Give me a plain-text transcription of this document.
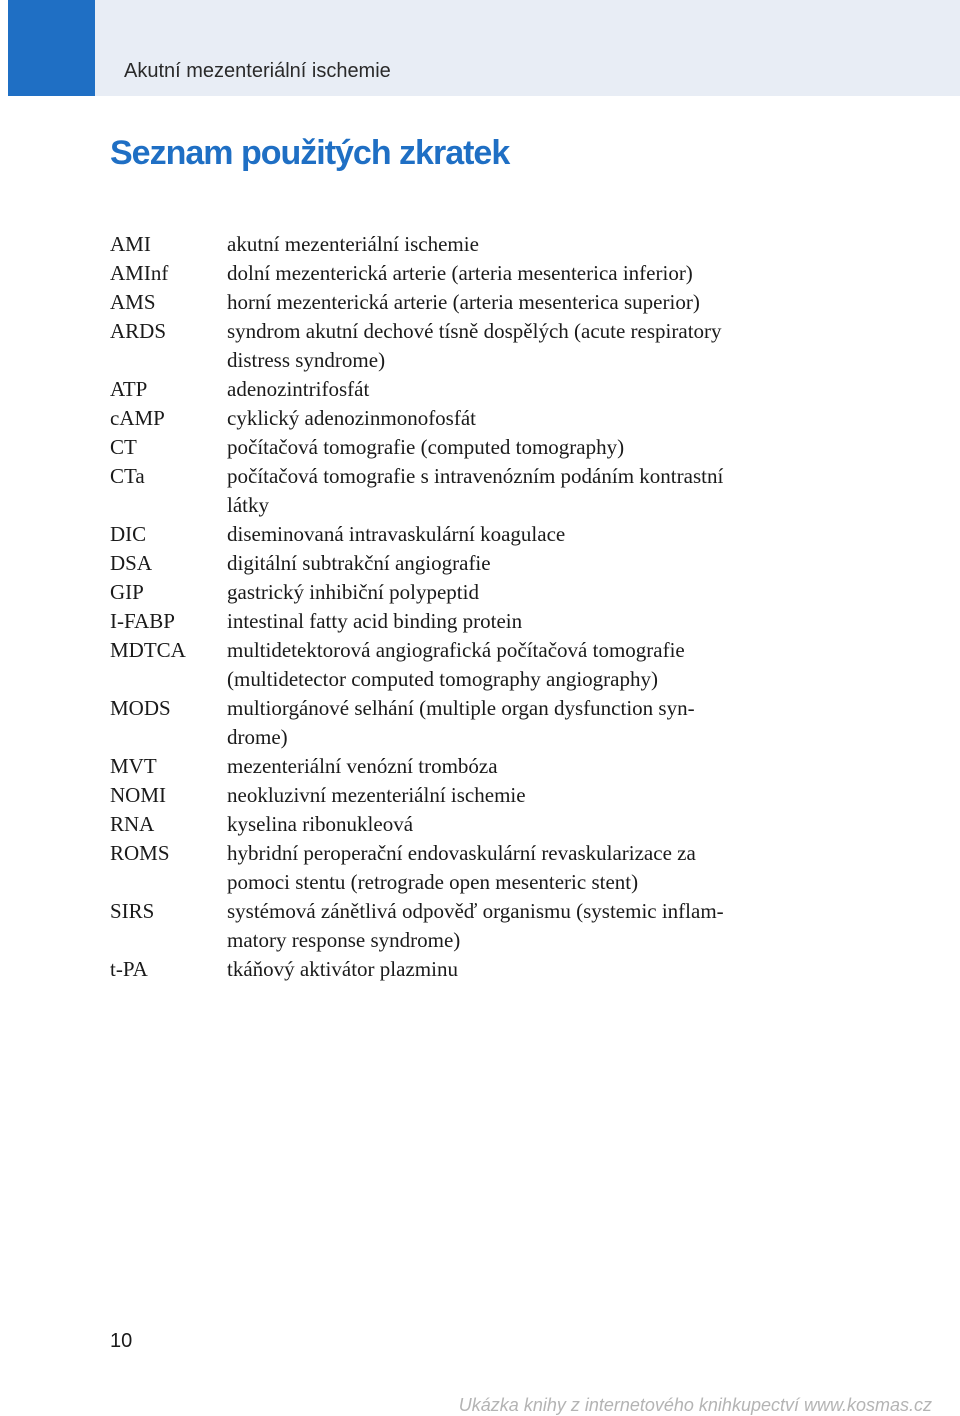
Akutní mezenteriální ischemie
Seznam použitých zkratek
AMI	akutní mezenteriální ischemie
AMInf	dolní mezenterická arterie (arteria mesenterica inferior)
AMS	horní mezenterická arterie (arteria mesenterica superior)
ARDS	syndrom akutní dechové tísně dospělých (acute respiratory
distress syndrome)
ATP	adenozintrifosfát
cAMP	cyklický adenozinmonofosfát
CT	počítačová tomografie (computed tomography)
CTa	počítačová tomografie s intravenózním podáním kontrastní
látky
DIC	diseminovaná intravaskulární koagulace
DSA	digitální subtrakční angiografie
GIP	gastrický inhibiční polypeptid
I-FABP	intestinal fatty acid binding protein
MDTCA	multidetektorová angiografická počítačová tomografie
(multidetector computed tomography angiography)
MODS	multiorgánové selhání (multiple organ dysfunction syn-
drome)
MVT	mezenteriální venózní trombóza
NOMI	neokluzivní mezenteriální ischemie
RNA	kyselina ribonukleová
ROMS	hybridní peroperační endovaskulární revaskularizace za
pomoci stentu (retrograde open mesenteric stent)
SIRS	systémová zánětlivá odpověď organismu (systemic inflam-
matory response syndrome)
t-PA	tkáňový aktivátor plazminu
10
Ukázka knihy z internetového knihkupectví www.kosmas.cz
